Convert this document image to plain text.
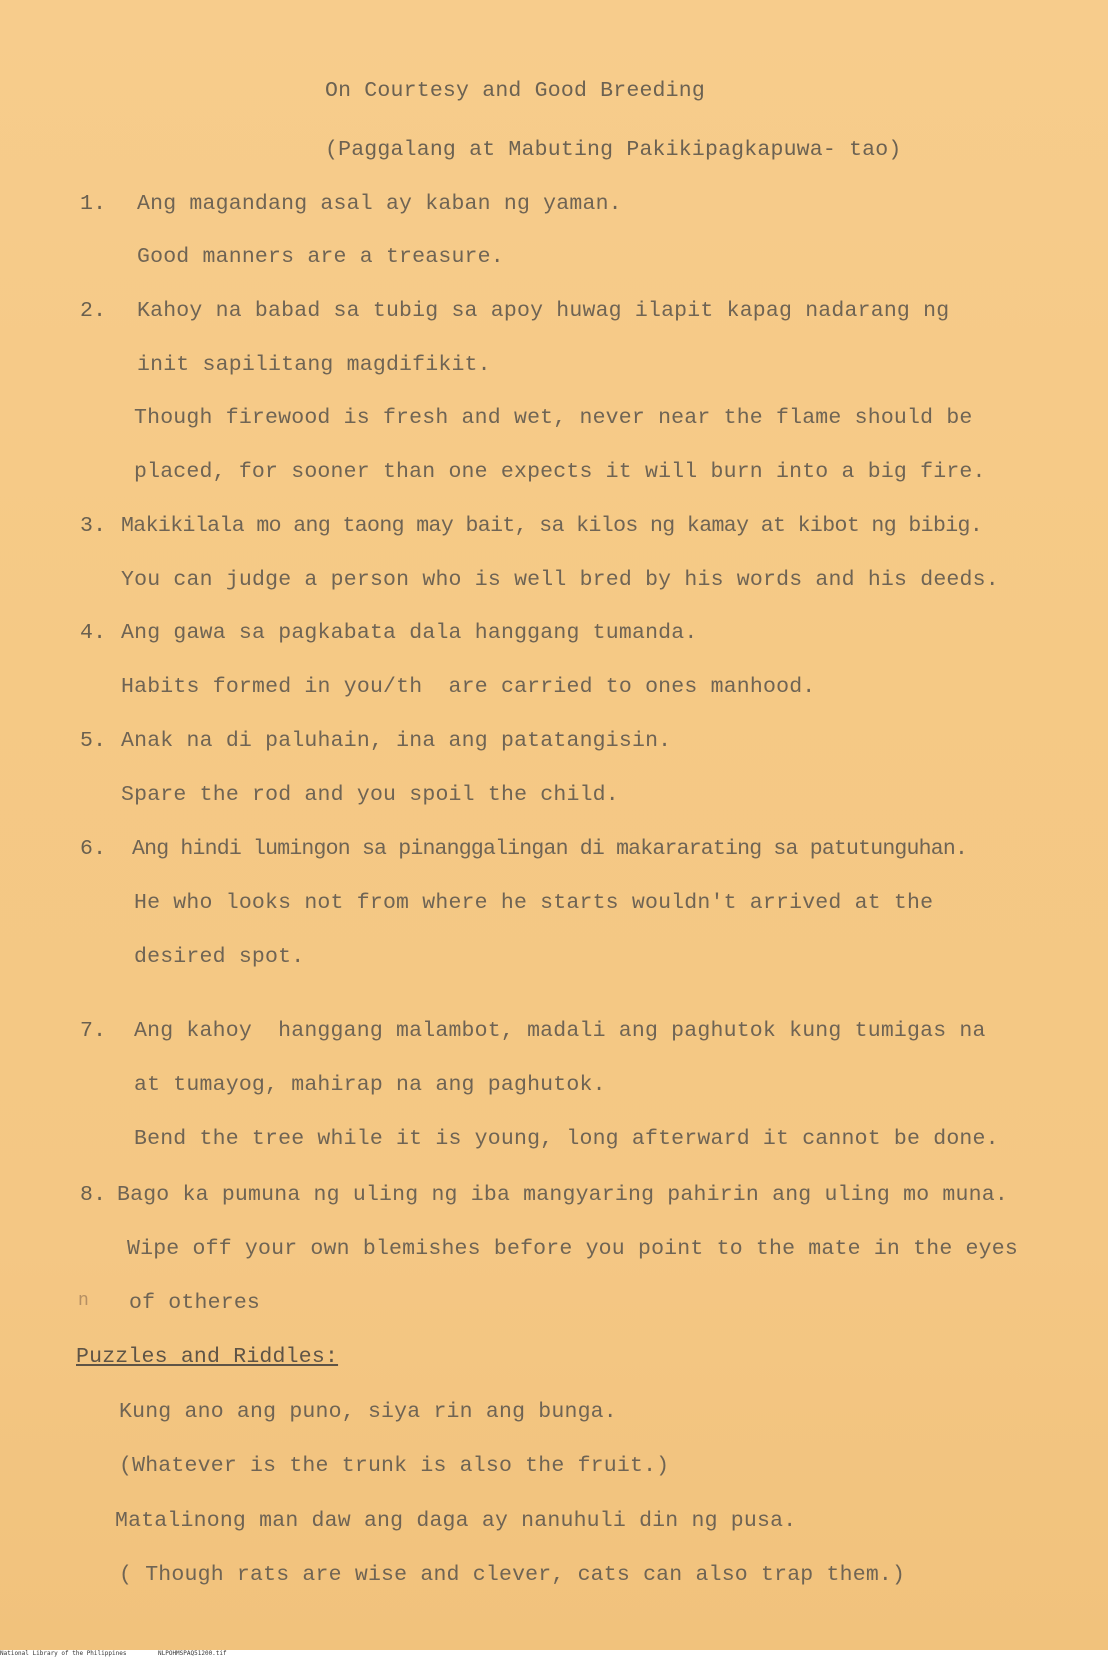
On Courtesy and Good Breeding
(Paggalang at Mabuting Pakikipagkapuwa- tao)
1. Ang magandang asal ay kaban ng yaman.
Good manners are a treasure.
2. Kahoy na babad sa tubig sa apoy huwag ilapit kapag nadarang ng
init sapilitang magdifikit.
Though firewood is fresh and wet, never near the flame should be
placed, for sooner than one expects it will burn into a big fire.
3. Makikilala mo ang taong may bait, sa kilos ng kamay at kibot ng bibig.
You can judge a person who is well bred by his words and his deeds.
4. Ang gawa sa pagkabata dala hanggang tumanda.
Habits formed in you/th  are carried to ones manhood.
5. Anak na di paluhain, ina ang patatangisin.
Spare the rod and you spoil the child.
6. Ang hindi lumingon sa pinanggalingan di makararating sa patutunguhan.
He who looks not from where he starts wouldn't arrived at the
desired spot.
7. Ang kahoy  hanggang malambot, madali ang paghutok kung tumigas na
at tumayog, mahirap na ang paghutok.
Bend the tree while it is young, long afterward it cannot be done.
8. Bago ka pumuna ng uling ng iba mangyaring pahirin ang uling mo muna.
Wipe off your own blemishes before you point to the mate in the eyes
n of otheres
Puzzles and Riddles:
Kung ano ang puno, siya rin ang bunga.
(Whatever is the trunk is also the fruit.)
Matalinong man daw ang daga ay nanuhuli din ng pusa.
( Though rats are wise and clever, cats can also trap them.)
National Library of the Philippines	NLPOHMSPAQ51200.tif
